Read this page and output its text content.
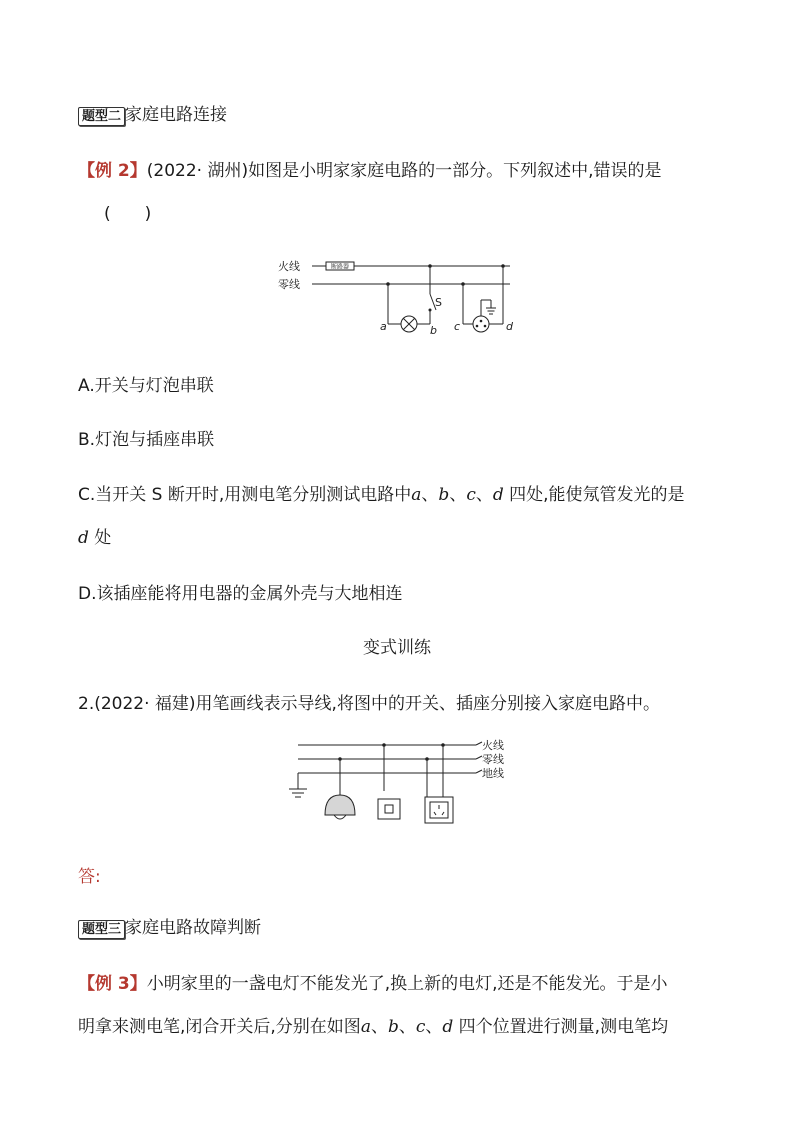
题型二 家庭电路连接
【例 2】(2022· 湖州)如图是小明家家庭电路的一部分。下列叙述中,错误的是
(　　)
火线
零线
断路器
S
a	b c	d
A.开关与灯泡串联
B.灯泡与插座串联
C.当开关 S 断开时,用测电笔分别测试电路中a、b、c、d 四处,能使氖管发光的是
d 处
D.该插座能将用电器的金属外壳与大地相连
变式训练
2.(2022· 福建)用笔画线表示导线,将图中的开关、插座分别接入家庭电路中。
火线
零线
地线
答:
题型三 家庭电路故障判断
【例 3】小明家里的一盏电灯不能发光了,换上新的电灯,还是不能发光。于是小
明拿来测电笔,闭合开关后,分别在如图a、b、c、d 四个位置进行测量,测电笔均
